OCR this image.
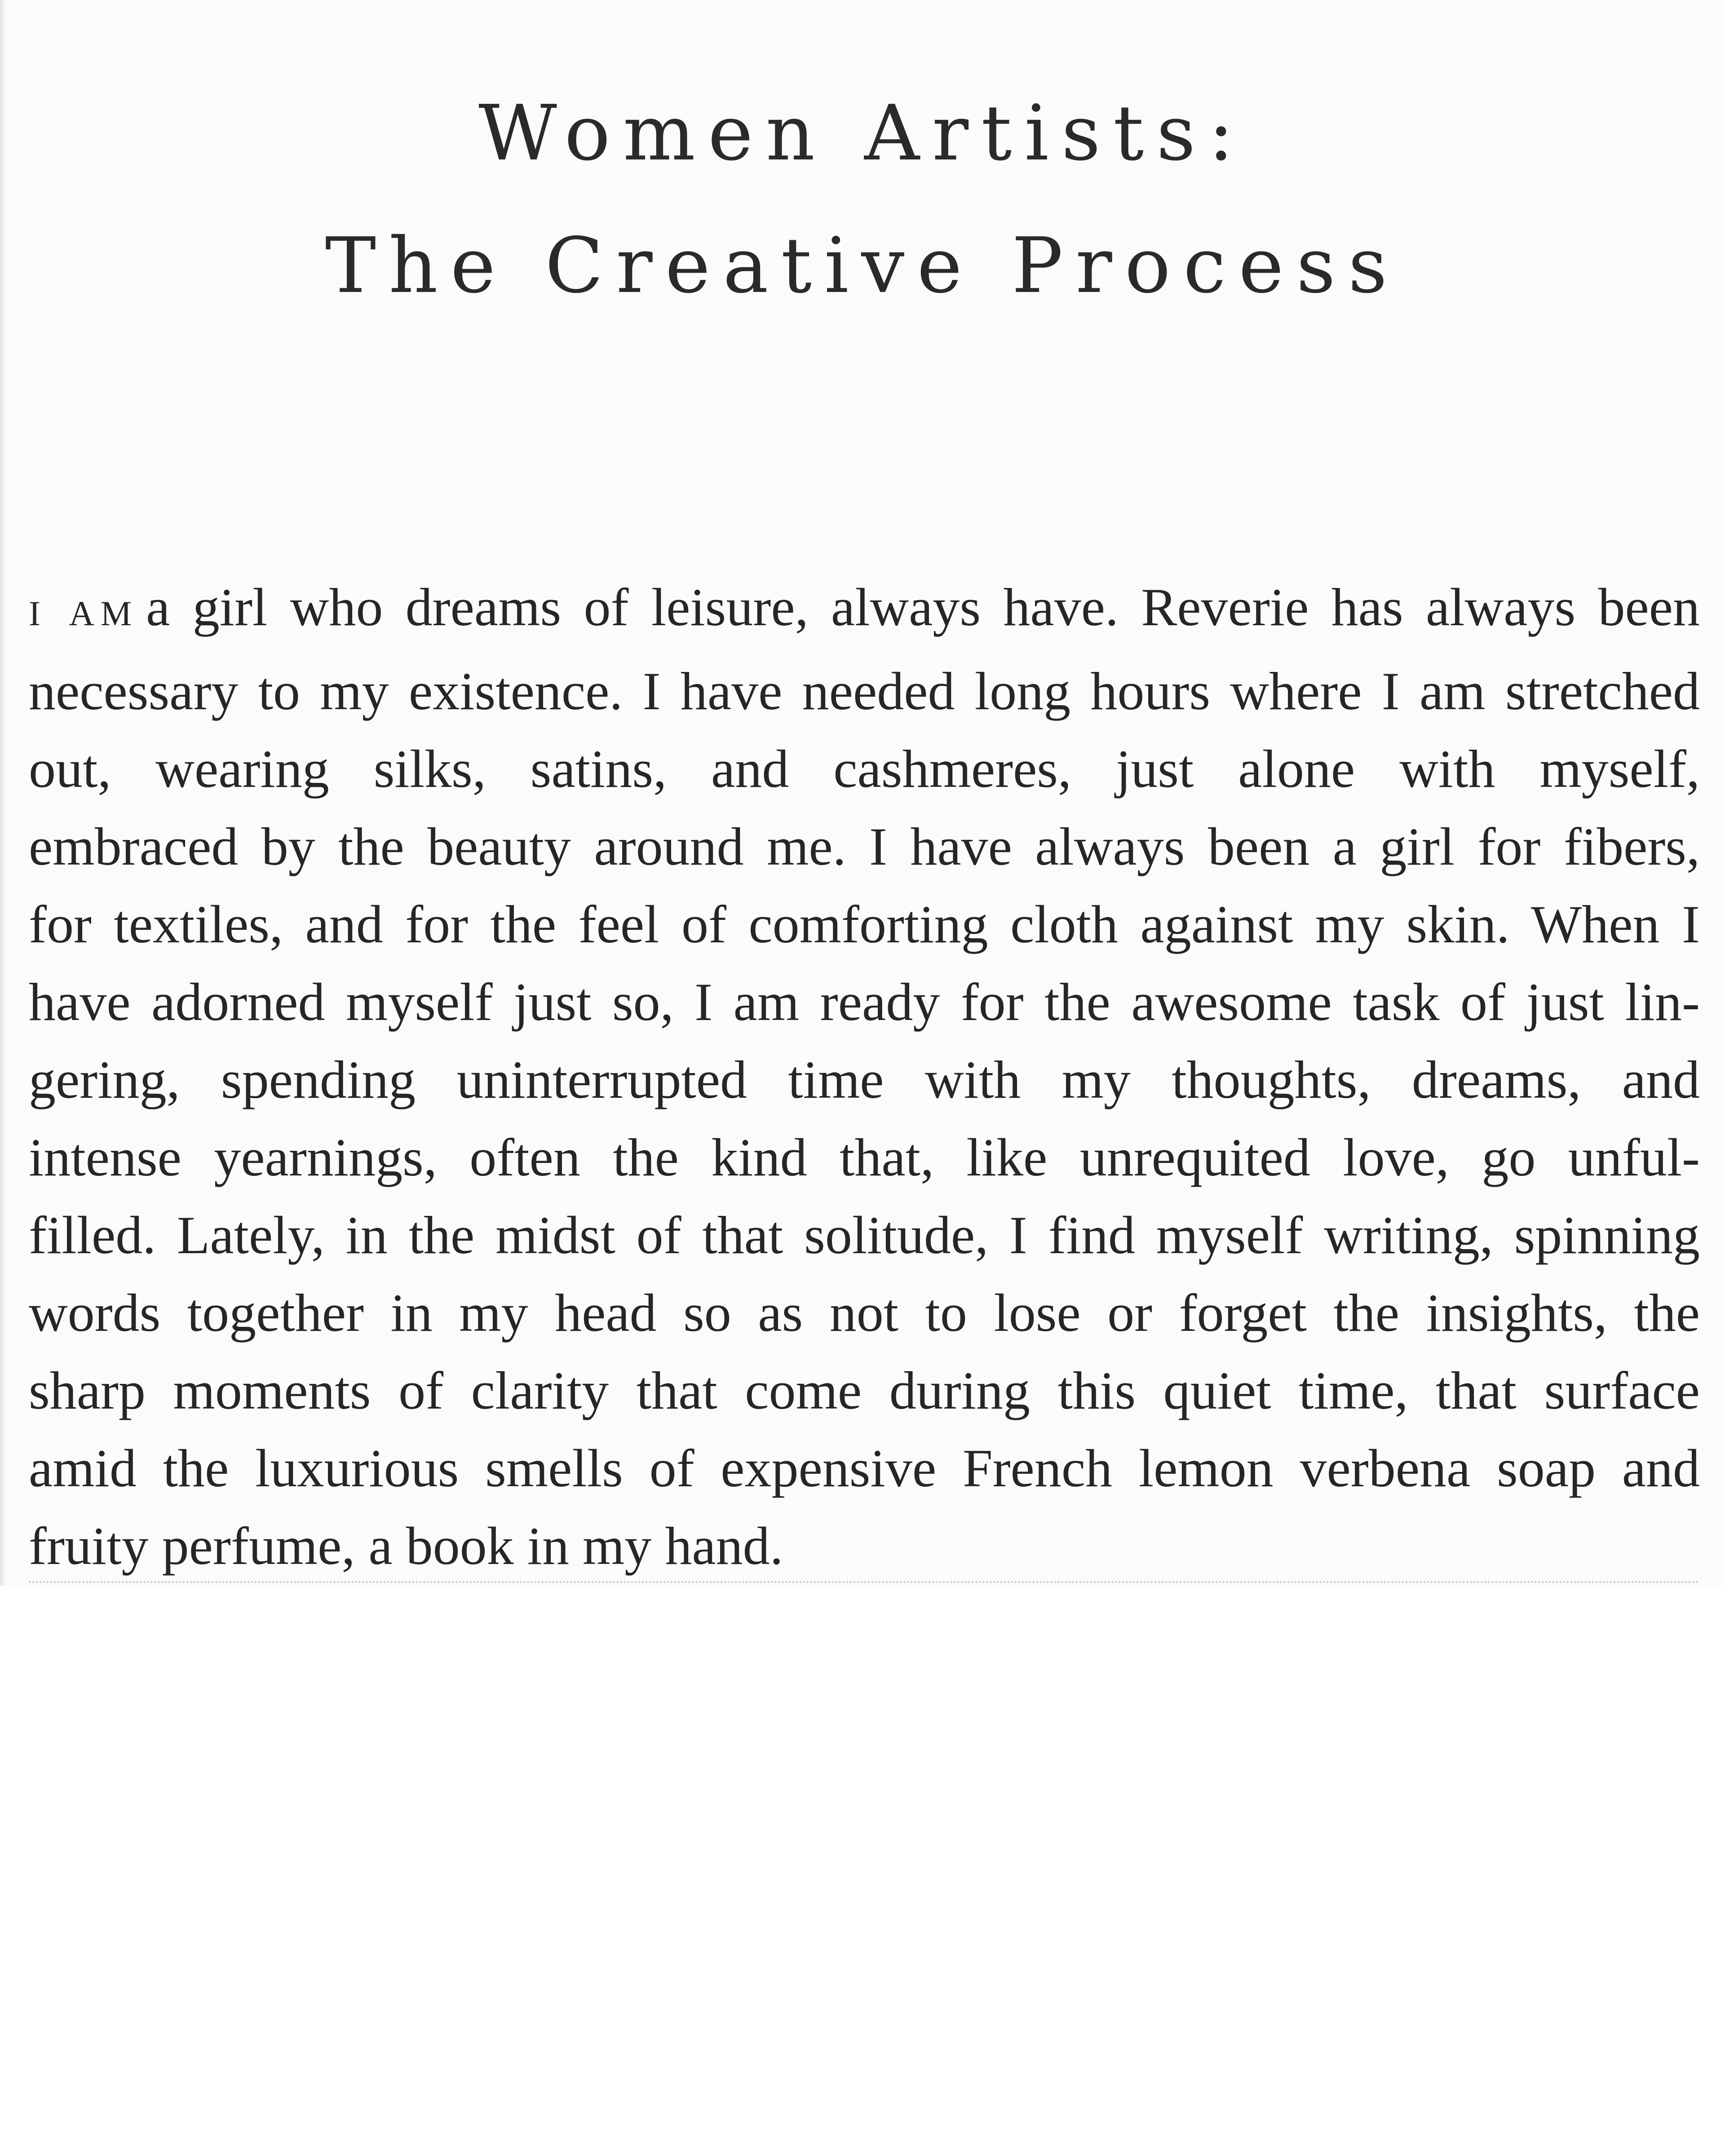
Women Artists:
The Creative Process

I AM a girl who dreams of leisure, always have. Reverie has always been
necessary to my existence. I have needed long hours where I am stretched
out, wearing silks, satins, and cashmeres, just alone with myself,
embraced by the beauty around me. I have always been a girl for fibers,
for textiles, and for the feel of comforting cloth against my skin. When I
have adorned myself just so, I am ready for the awesome task of just lin-
gering, spending uninterrupted time with my thoughts, dreams, and
intense yearnings, often the kind that, like unrequited love, go unful-
filled. Lately, in the midst of that solitude, I find myself writing, spinning
words together in my head so as not to lose or forget the insights, the
sharp moments of clarity that come during this quiet time, that surface
amid the luxurious smells of expensive French lemon verbena soap and
fruity perfume, a book in my hand.
